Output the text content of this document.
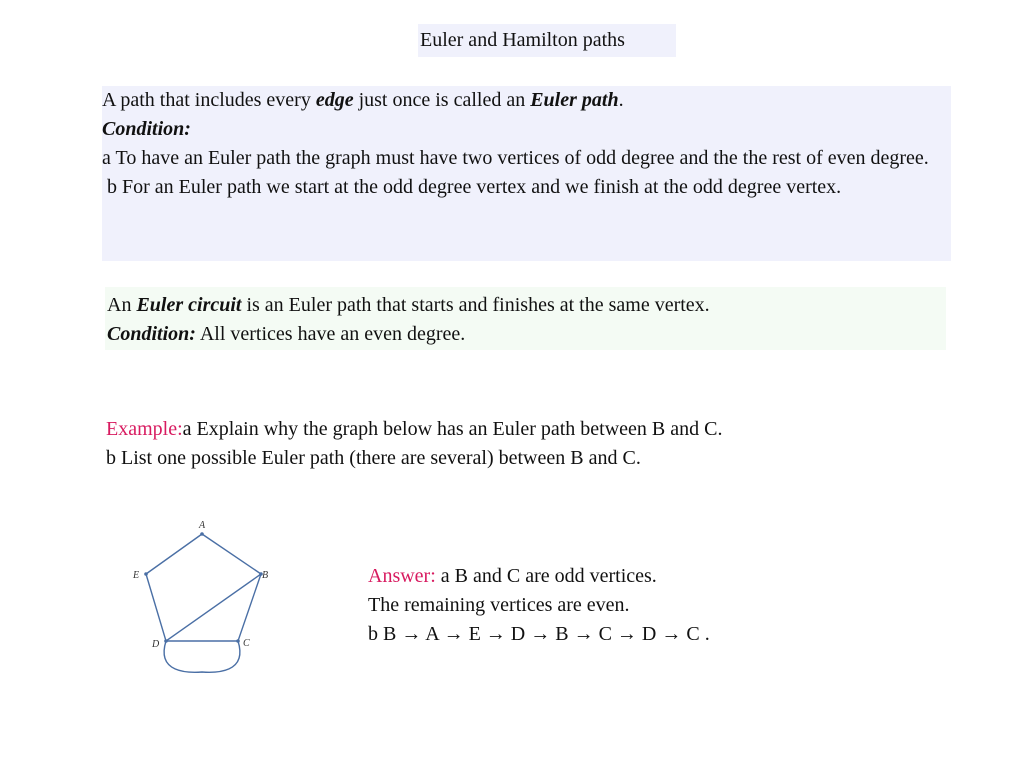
Euler and Hamilton paths

A path that includes every edge just once is called an Euler path.

Condition:

a To have an Euler path the graph must have two vertices of odd degree and the the rest of even degree.

b For an Euler path we start at the odd degree vertex and we finish at the odd degree vertex.

An Euler circuit is an Euler path that starts and finishes at the same vertex.

Condition: All vertices have an even degree.

Example:a Explain why the graph below has an Euler path between B and C.

b List one possible Euler path (there are several) between B and C.

A
B
C
D
E	Answer: a B and C are odd vertices.

The remaining vertices are even.

b B → A → E → D → B → C → D → C .
